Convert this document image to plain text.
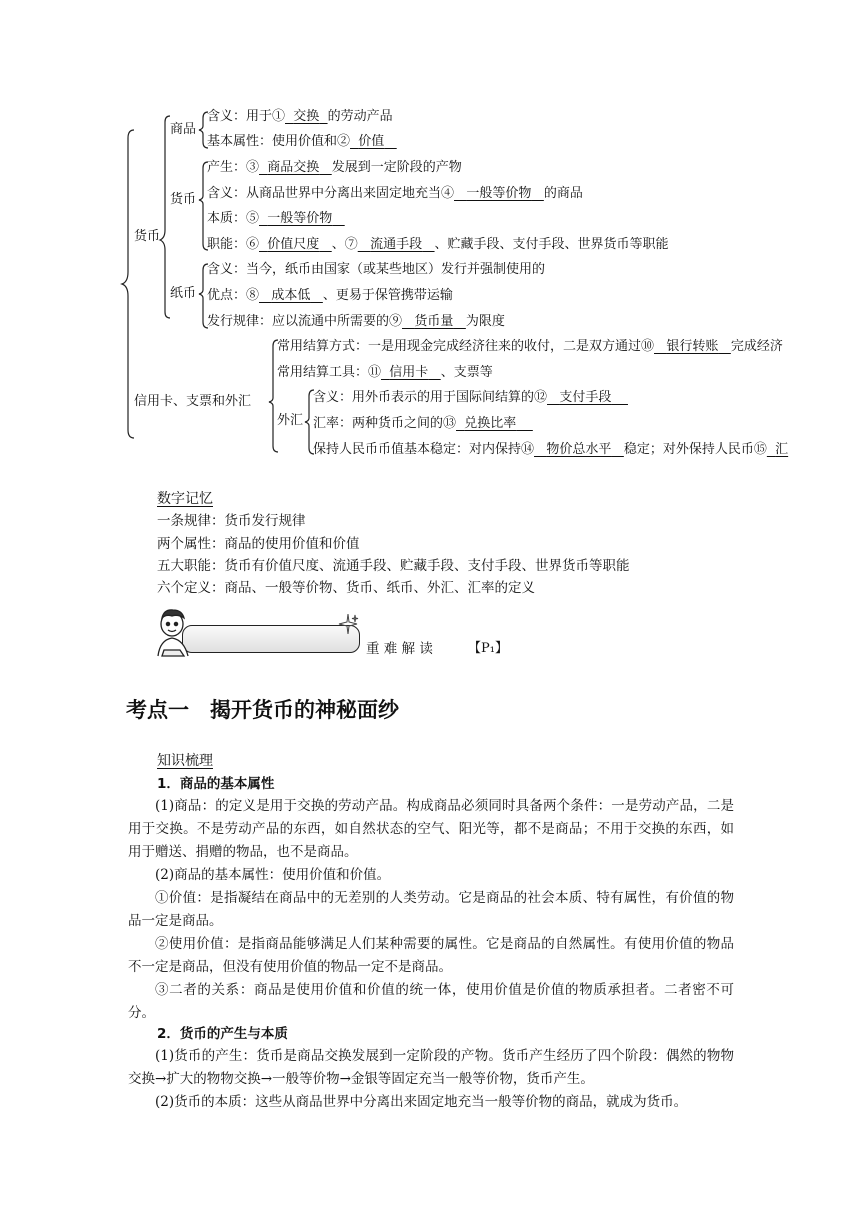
货币
商品
含义：用于① 交换 的劳动产品
基本属性：使用价值和② 价值
货币
产生：③ 商品交换 发展到一定阶段的产物
含义：从商品世界中分离出来固定地充当④ 一般等价物 的商品
本质：⑤ 一般等价物
职能：⑥ 价值尺度 、⑦ 流通手段 、贮藏手段、支付手段、世界货币等职能
纸币
含义：当今，纸币由国家（或某些地区）发行并强制使用的
优点：⑧ 成本低 、更易于保管携带运输
发行规律：应以流通中所需要的⑨ 货币量 为限度
信用卡、支票和外汇
常用结算方式：一是用现金完成经济往来的收付，二是双方通过⑩ 银行转账 完成经济
常用结算工具：⑪ 信用卡 、支票等
外汇
含义：用外币表示的用于国际间结算的⑫ 支付手段
汇率：两种货币之间的⑬ 兑换比率
保持人民币币值基本稳定：对内保持⑭ 物价总水平 稳定；对外保持人民币⑮ 汇
数字记忆
一条规律：货币发行规律
两个属性：商品的使用价值和价值
五大职能：货币有价值尺度、流通手段、贮藏手段、支付手段、世界货币等职能
六个定义：商品、一般等价物、货币、纸币、外汇、汇率的定义
重 难 解 读	【P₁】
考点一　揭开货币的神秘面纱
知识梳理
1．商品的基本属性
(1)商品：的定义是用于交换的劳动产品。构成商品必须同时具备两个条件：一是劳动产品，二是用于交换。不是劳动产品的东西，如自然状态的空气、阳光等，都不是商品；不用于交换的东西，如用于赠送、捐赠的物品，也不是商品。
(2)商品的基本属性：使用价值和价值。
①价值：是指凝结在商品中的无差别的人类劳动。它是商品的社会本质、特有属性，有价值的物品一定是商品。
②使用价值：是指商品能够满足人们某种需要的属性。它是商品的自然属性。有使用价值的物品不一定是商品，但没有使用价值的物品一定不是商品。
③二者的关系：商品是使用价值和价值的统一体，使用价值是价值的物质承担者。二者密不可分。
2．货币的产生与本质
(1)货币的产生：货币是商品交换发展到一定阶段的产物。货币产生经历了四个阶段：偶然的物物交换→扩大的物物交换→一般等价物→金银等固定充当一般等价物，货币产生。
(2)货币的本质：这些从商品世界中分离出来固定地充当一般等价物的商品，就成为货币。
